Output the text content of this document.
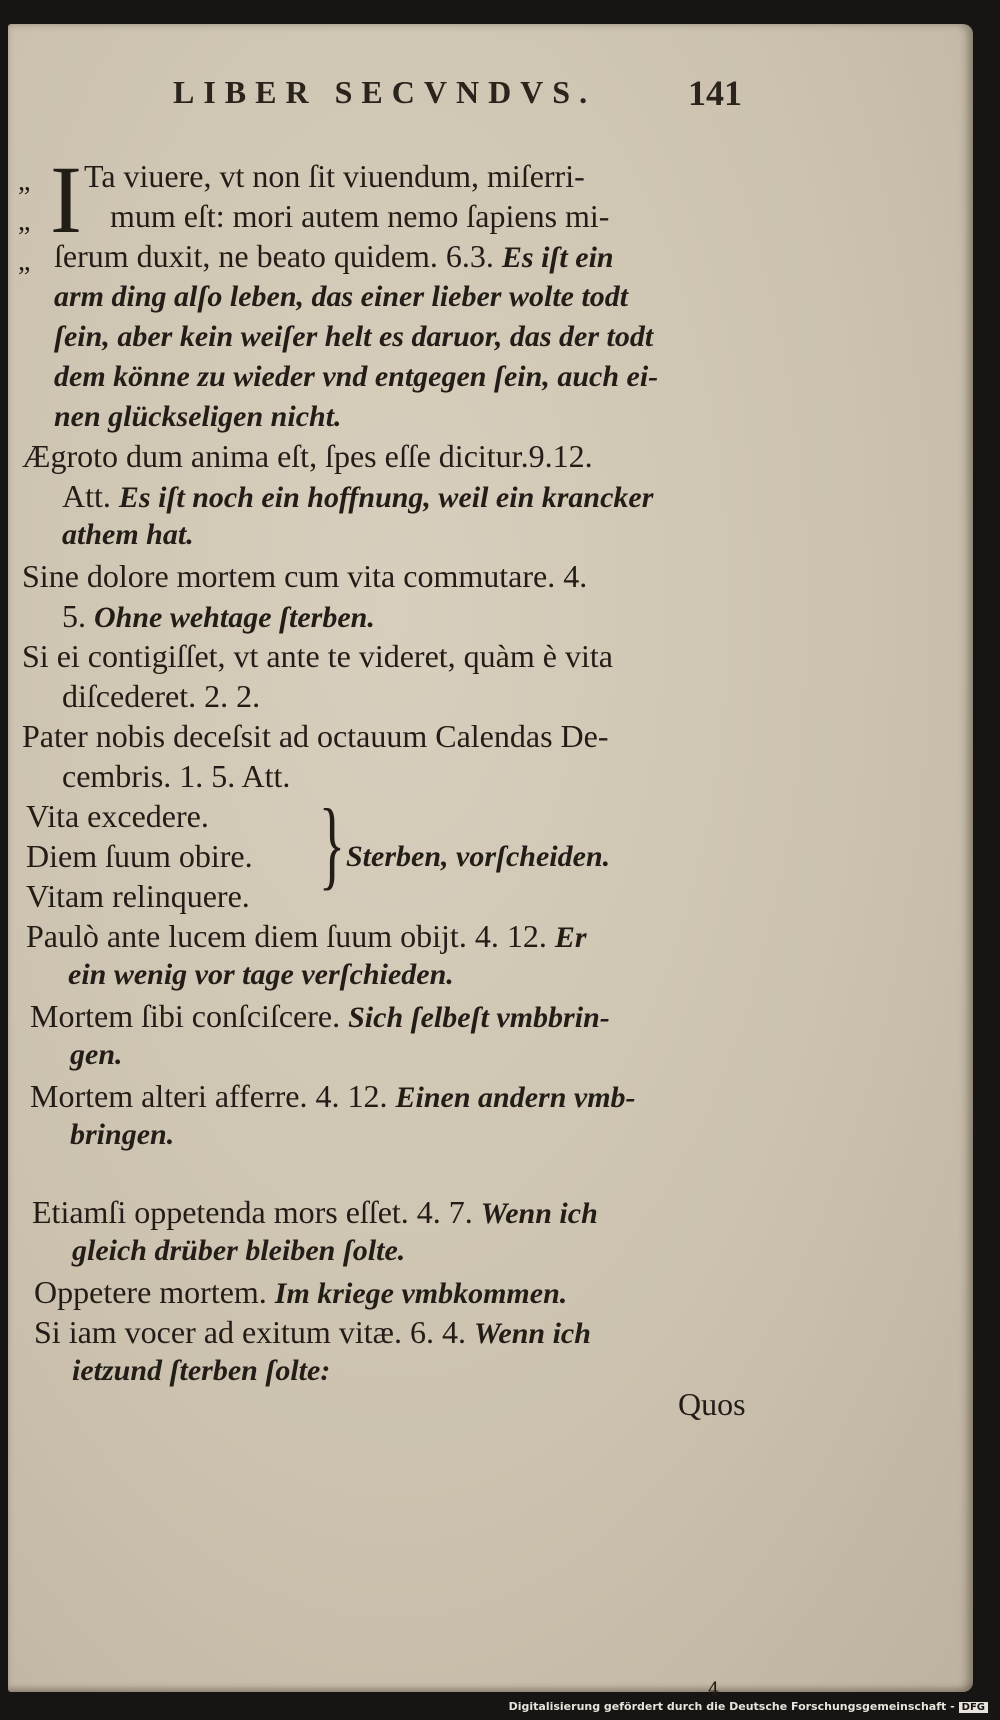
LIBER SECVNDVS.	141
„
„
„
I Ta viuere, vt non ſit viuendum, miſerri-
mum eſt: mori autem nemo ſapiens mi-
ſerum duxit, ne beato quidem. 6.3. Es iſt ein
arm ding alſo leben, das einer lieber wolte todt
ſein, aber kein weiſer helt es daruor, das der todt
dem könne zu wieder vnd entgegen ſein, auch ei-
nen glückseligen nicht.
Ægroto dum anima eſt, ſpes eſſe dicitur.9.12.
Att. Es iſt noch ein hoffnung, weil ein krancker
athem hat.
Sine dolore mortem cum vita commutare. 4.
5. Ohne wehtage ſterben.
Si ei contigiſſet, vt ante te videret, quàm è vita
diſcederet. 2. 2.
Pater nobis deceſsit ad octauum Calendas De-
cembris. 1. 5. Att.
Vita excedere.
Diem ſuum obire. } Sterben, vorſcheiden.
Vitam relinquere.
Paulò ante lucem diem ſuum obijt. 4. 12. Er
ein wenig vor tage verſchieden.
Mortem ſibi conſciſcere. Sich ſelbeſt vmbbrin-
gen.
Mortem alteri afferre. 4. 12. Einen andern vmb-
bringen.
Etiamſi oppetenda mors eſſet. 4. 7. Wenn ich
gleich drüber bleiben ſolte.
Oppetere mortem. Im kriege vmbkommen.
Si iam vocer ad exitum vitæ. 6. 4. Wenn ich
ietzund ſterben ſolte:
Quos
4
Digitalisierung gefördert durch die Deutsche Forschungsgemeinschaft - DFG
